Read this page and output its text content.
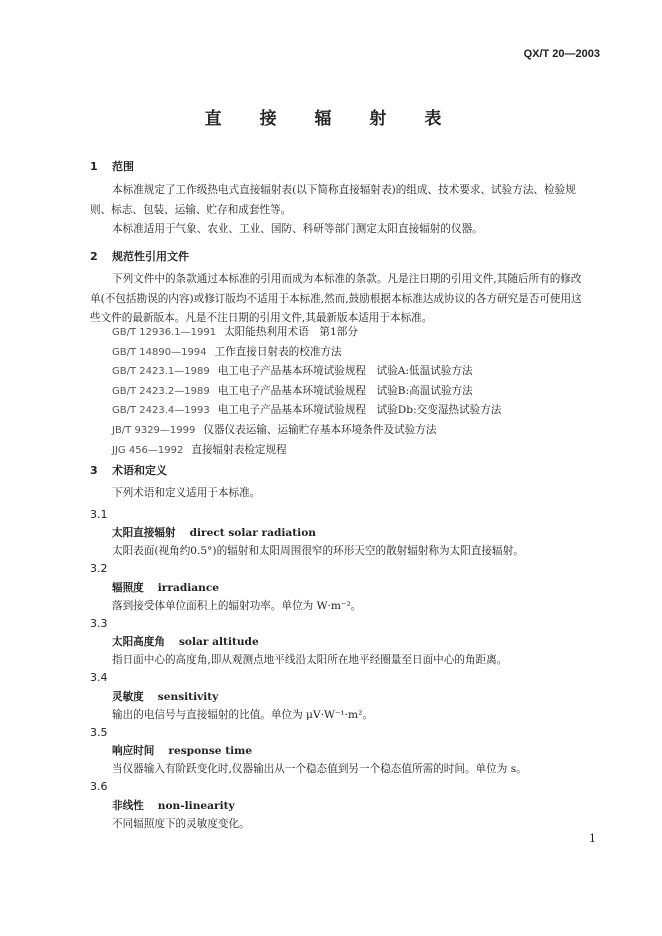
QX/T 20—2003
直 接 辐 射 表
1 范围
本标准规定了工作级热电式直接辐射表(以下简称直接辐射表)的组成、技术要求、试验方法、检验规则、标志、包装、运输、贮存和成套性等。
本标准适用于气象、农业、工业、国防、科研等部门测定太阳直接辐射的仪器。
2 规范性引用文件
下列文件中的条款通过本标准的引用而成为本标准的条款。凡是注日期的引用文件,其随后所有的修改单(不包括勘误的内容)或修订版均不适用于本标准,然而,鼓励根据本标准达成协议的各方研究是否可使用这些文件的最新版本。凡是不注日期的引用文件,其最新版本适用于本标准。
GB/T 12936.1—1991 太阳能热利用术语　第1部分
GB/T 14890—1994 工作直接日射表的校准方法
GB/T 2423.1—1989 电工电子产品基本环境试验规程　试验A:低温试验方法
GB/T 2423.2—1989 电工电子产品基本环境试验规程　试验B:高温试验方法
GB/T 2423.4—1993 电工电子产品基本环境试验规程　试验Db:交变湿热试验方法
JB/T 9329—1999 仪器仪表运输、运输贮存基本环境条件及试验方法
JJG 456—1992 直接辐射表检定规程
3 术语和定义
下列术语和定义适用于本标准。
3.1
太阳直接辐射 direct solar radiation
太阳表面(视角约0.5°)的辐射和太阳周围很窄的环形天空的散射辐射称为太阳直接辐射。
3.2
辐照度 irradiance
落到接受体单位面积上的辐射功率。单位为 W·m⁻²。
3.3
太阳高度角 solar altitude
指日面中心的高度角,即从观测点地平线沿太阳所在地平经圈量至日面中心的角距离。
3.4
灵敏度 sensitivity
输出的电信号与直接辐射的比值。单位为 μV·W⁻¹·m²。
3.5
响应时间 response time
当仪器输入有阶跃变化时,仪器输出从一个稳态值到另一个稳态值所需的时间。单位为 s。
3.6
非线性 non-linearity
不同辐照度下的灵敏度变化。
1
